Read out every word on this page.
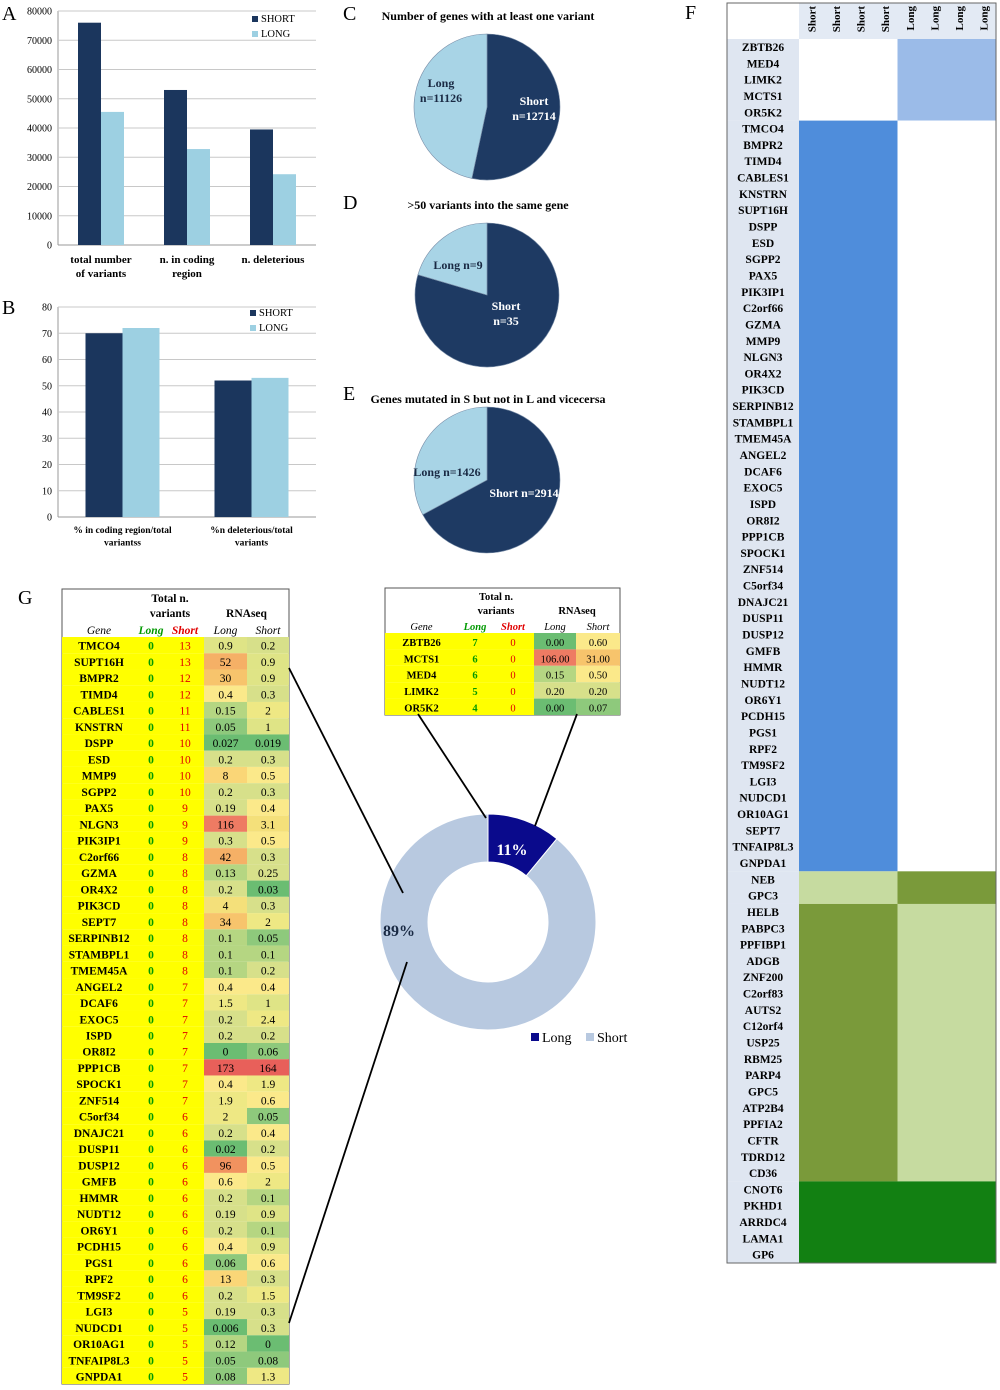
A
B
C
D
E
F
G
0
10000
20000
30000
40000
50000
60000
70000
80000
total number
of variants
n. in coding
region
n. deleterious
SHORT
LONG
0
10
20
30
40
50
60
70
80
% in coding region/total
variantss
%n deleterious/total
variants
SHORT
LONG
Number of genes with at least one variant
Short
n=12714
Long
n=11126
>50 variants into the same gene
Short
n=35
Long n=9
Genes mutated in S but not in L and vicecersa
Short n=2914
Long n=1426
Short Short Short Short Long Long Long Long
ZBTB26
MED4
LIMK2
MCTS1
OR5K2
TMCO4
BMPR2
TIMD4
CABLES1
KNSTRN
SUPT16H
DSPP
ESD
SGPP2
PAX5
PIK3IP1
C2orf66
GZMA
MMP9
NLGN3
OR4X2
PIK3CD
SERPINB12
STAMBPL1
TMEM45A
ANGEL2
DCAF6
EXOC5
ISPD
OR8I2
PPP1CB
SPOCK1
ZNF514
C5orf34
DNAJC21
DUSP11
DUSP12
GMFB
HMMR
NUDT12
OR6Y1
PCDH15
PGS1
RPF2
TM9SF2
LGI3
NUDCD1
OR10AG1
SEPT7
TNFAIP8L3
GNPDA1
NEB
GPC3
HELB
PABPC3
PPFIBP1
ADGB
ZNF200
C2orf83
AUTS2
C12orf4
USP25
RBM25
PARP4
GPC5
ATP2B4
PPFIA2
CFTR
TDRD12
CD36
CNOT6
PKHD1
ARRDC4
LAMA1
GP6
Total n.
variants	RNAseq
Gene Long Short Long Short
TMCO4 0 13 0.9 0.2
SUPT16H 0 13	52	0.9
BMPR2	0 12	30	0.9
TIMD4	0 12 0.4 0.3
CABLES1 0 11 0.15	2
KNSTRN 0 11 0.05	1
DSPP	0 10 0.027 0.019
ESD	0 10 0.2 0.3
MMP9	0 10	8	0.5
SGPP2	0 10 0.2 0.3
PAX5	0 9 0.19 0.4
NLGN3	0 9	116 3.1
PIK3IP1 0 9	0.3 0.5
C2orf66	0 8	42	0.3
GZMA	0 8 0.13 0.25
OR4X2	0 8	0.2 0.03
PIK3CD 0 8	4	0.3
SEPT7	0 8	34	2
SERPINB12 0 8	0.1 0.05
STAMBPL1 0 8	0.1 0.1
TMEM45A 0 8	0.1 0.2
ANGEL2 0 7	0.4 0.4
DCAF6	0 7	1.5	1
EXOC5	0 7	0.2 2.4
ISPD	0 7	0.2 0.2
OR8I2	0 7	0	0.06
PPP1CB 0 7	173 164
SPOCK1 0 7	0.4 1.9
ZNF514	0 7	1.9 0.6
C5orf34	0 6	2	0.05
DNAJC21 0 6	0.2 0.4
DUSP11 0 6 0.02 0.2
DUSP12 0 6	96	0.5
GMFB	0 6	0.6	2
HMMR	0 6	0.2 0.1
NUDT12 0 6 0.19 0.9
OR6Y1	0 6	0.2 0.1
PCDH15 0 6	0.4 0.9
PGS1	0 6 0.06 0.6
RPF2	0 6	13	0.3
TM9SF2 0 6	0.2 1.5
LGI3	0 5 0.19 0.3
NUDCD1 0 5 0.006 0.3
OR10AG1 0 5 0.12	0
TNFAIP8L3 0 5 0.05 0.08
GNPDA1 0 5 0.08 1.3
Total n.
variants	RNAseq
Gene	Long Short Long Short
ZBTB26	7	0	0.00 0.60
MCTS1	6	0 106.00 31.00
MED4	6	0	0.15 0.50
LIMK2	5	0	0.20 0.20
OR5K2	4	0	0.00 0.07
11%
89%
Long Short
